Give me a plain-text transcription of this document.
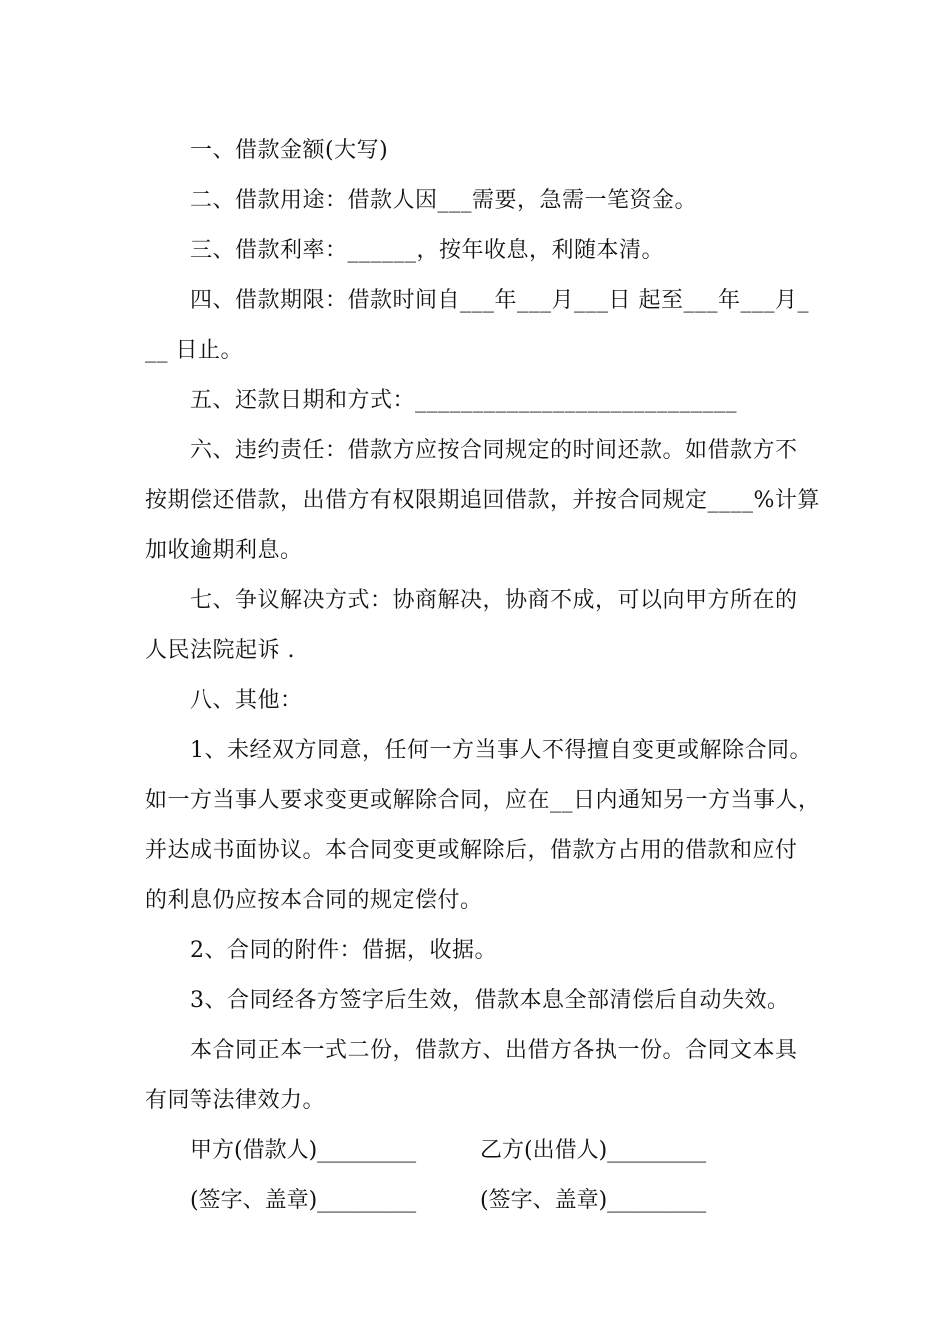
一、借款金额(大写)
二、借款用途：借款人因___需要，急需一笔资金。
三、借款利率：______，按年收息，利随本清。
四、借款期限：借款时间自___年___月___日 起至___年___月_
__ 日止。
五、还款日期和方式：____________________________
六、违约责任：借款方应按合同规定的时间还款。如借款方不
按期偿还借款，出借方有权限期追回借款，并按合同规定____%计算
加收逾期利息。
七、争议解决方式：协商解决，协商不成，可以向甲方所在的
人民法院起诉 .
八、其他：
1、未经双方同意，任何一方当事人不得擅自变更或解除合同。
如一方当事人要求变更或解除合同，应在__日内通知另一方当事人，
并达成书面协议。本合同变更或解除后，借款方占用的借款和应付
的利息仍应按本合同的规定偿付。
2、合同的附件：借据，收据。
3、合同经各方签字后生效，借款本息全部清偿后自动失效。
本合同正本一式二份，借款方、出借方各执一份。合同文本具
有同等法律效力。
甲方(借款人)_________	乙方(出借人)_________
(签字、盖章)_________	(签字、盖章)_________
